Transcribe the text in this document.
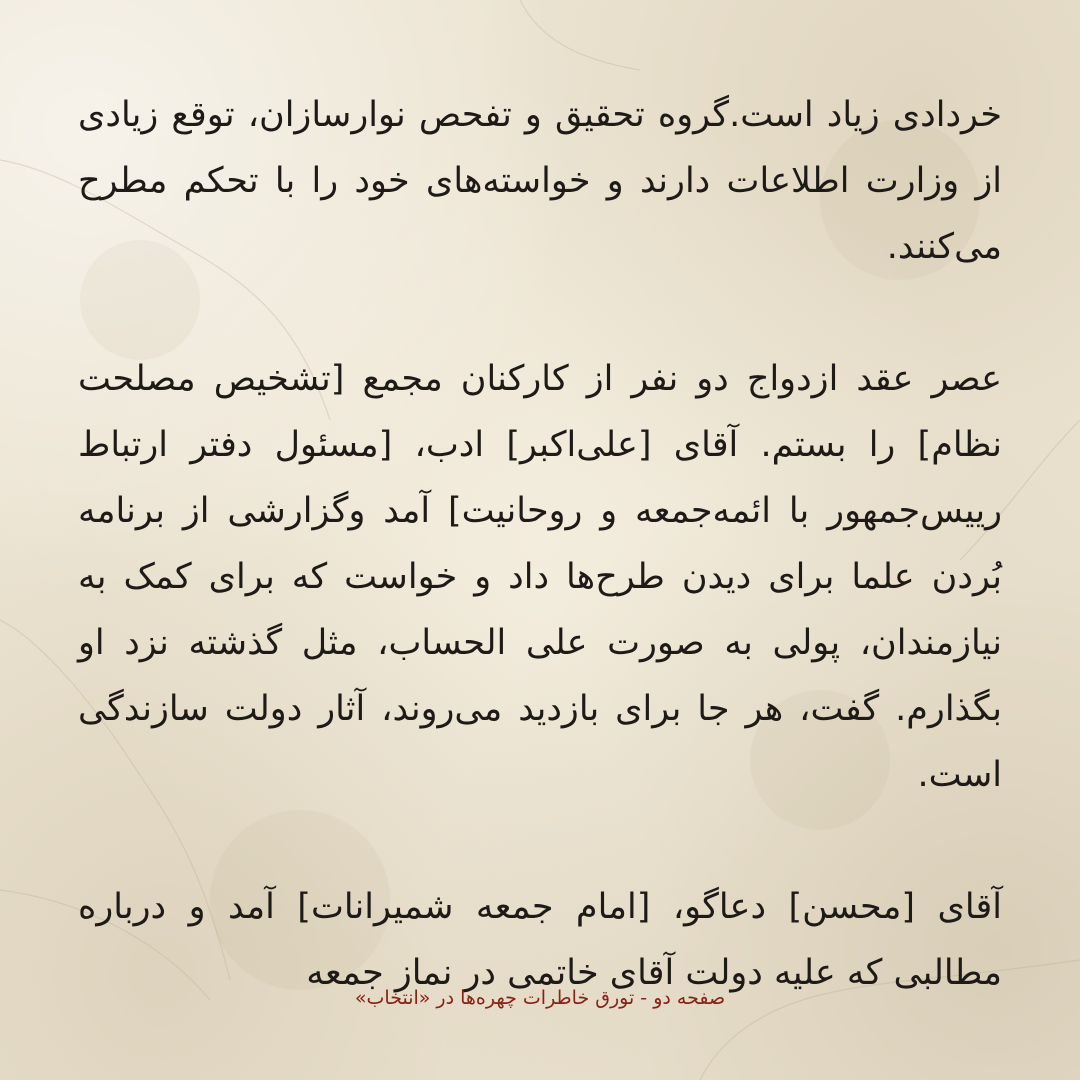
خردادی زیاد است.گروه تحقیق و تفحص نوارسازان، توقع زیادی از وزارت اطلاعات دارند و خواسته‌های خود را با تحکم مطرح می‌کنند.

عصر عقد ازدواج دو نفر از کارکنان مجمع [تشخیص مصلحت نظام] را بستم. آقای [علی‌اکبر] ادب، [مسئول دفتر ارتباط رییس‌جمهور با ائمه‌جمعه و روحانیت] آمد وگزارشی از برنامه بُردن علما برای دیدن طرح‌ها داد و خواست که برای کمک به نیازمندان، پولی به صورت علی الحساب، مثل گذشته نزد او بگذارم. گفت، هر جا برای بازدید می‌روند، آثار دولت سازندگی است.

آقای [محسن] دعاگو، [امام جمعه شمیرانات] آمد و درباره مطالبی که علیه دولت آقای خاتمی در نماز جمعه

صفحه دو - تورق خاطرات چهره‌ها در «انتخاب»
